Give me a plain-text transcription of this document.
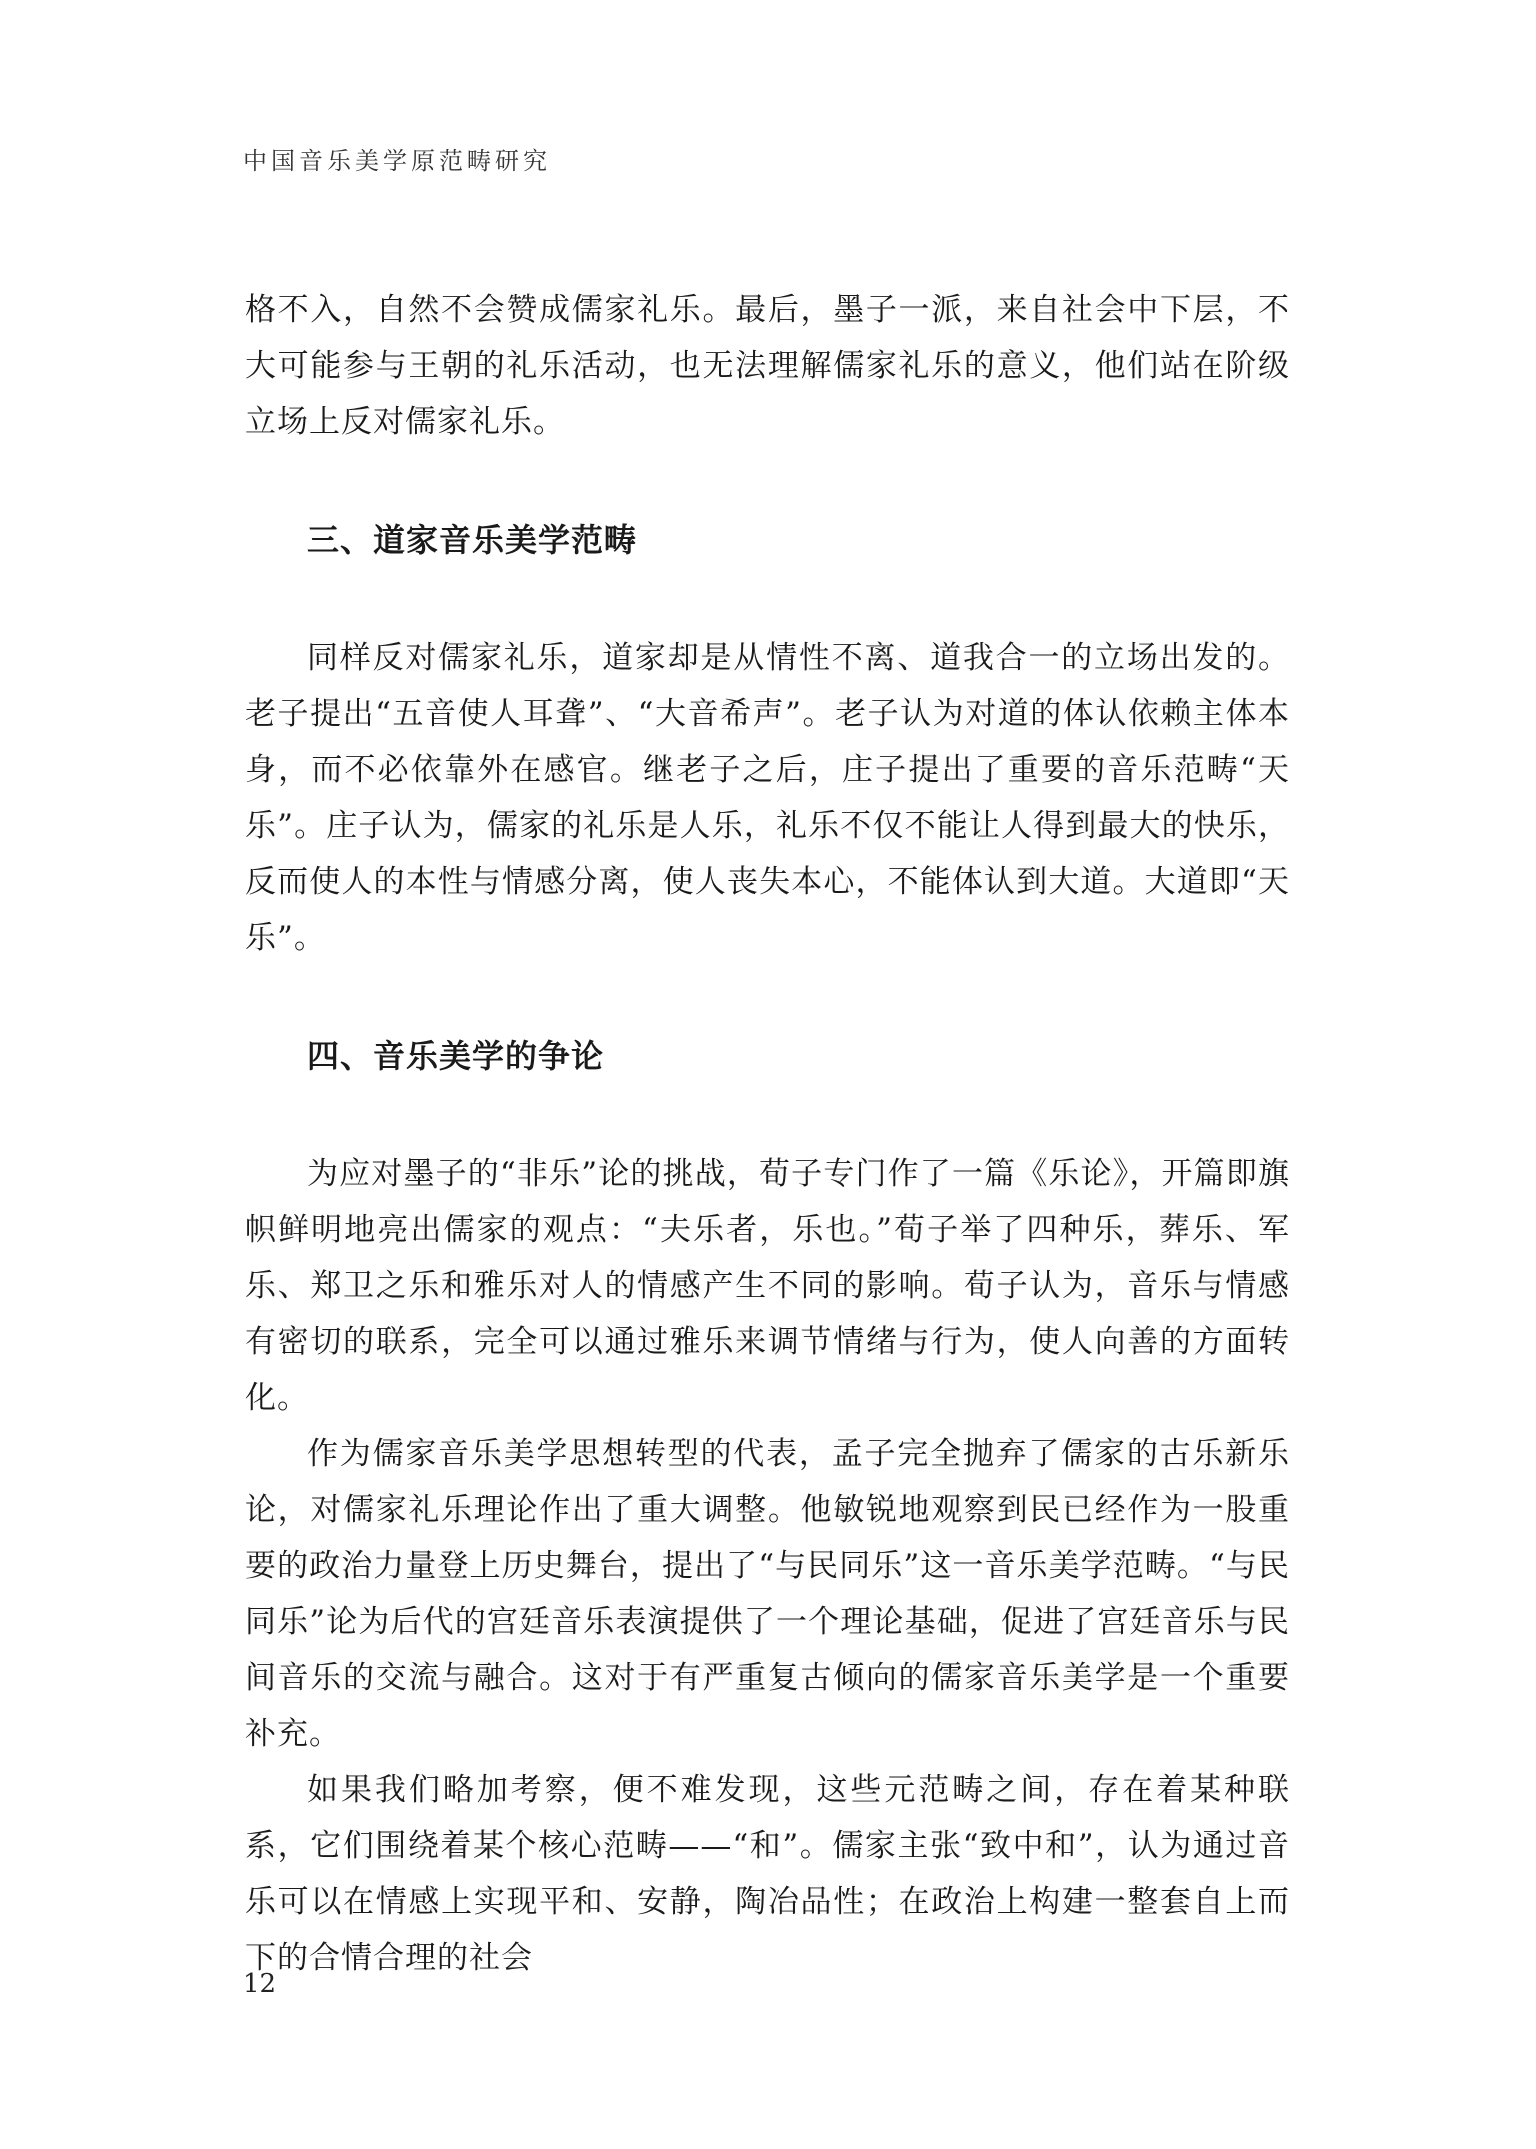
中国音乐美学原范畴研究

格不入，自然不会赞成儒家礼乐。最后，墨子一派，来自社会中下层，不大可能参与王朝的礼乐活动，也无法理解儒家礼乐的意义，他们站在阶级立场上反对儒家礼乐。

三、道家音乐美学范畴

同样反对儒家礼乐，道家却是从情性不离、道我合一的立场出发的。老子提出“五音使人耳聋”、“大音希声”。老子认为对道的体认依赖主体本身，而不必依靠外在感官。继老子之后，庄子提出了重要的音乐范畴“天乐”。庄子认为，儒家的礼乐是人乐，礼乐不仅不能让人得到最大的快乐，反而使人的本性与情感分离，使人丧失本心，不能体认到大道。大道即“天乐”。

四、音乐美学的争论

为应对墨子的“非乐”论的挑战，荀子专门作了一篇《乐论》，开篇即旗帜鲜明地亮出儒家的观点：“夫乐者，乐也。”荀子举了四种乐，葬乐、军乐、郑卫之乐和雅乐对人的情感产生不同的影响。荀子认为，音乐与情感有密切的联系，完全可以通过雅乐来调节情绪与行为，使人向善的方面转化。

作为儒家音乐美学思想转型的代表，孟子完全抛弃了儒家的古乐新乐论，对儒家礼乐理论作出了重大调整。他敏锐地观察到民已经作为一股重要的政治力量登上历史舞台，提出了“与民同乐”这一音乐美学范畴。“与民同乐”论为后代的宫廷音乐表演提供了一个理论基础，促进了宫廷音乐与民间音乐的交流与融合。这对于有严重复古倾向的儒家音乐美学是一个重要补充。

如果我们略加考察，便不难发现，这些元范畴之间，存在着某种联系，它们围绕着某个核心范畴——“和”。儒家主张“致中和”，认为通过音乐可以在情感上实现平和、安静，陶冶品性；在政治上构建一整套自上而下的合情合理的社会

12
